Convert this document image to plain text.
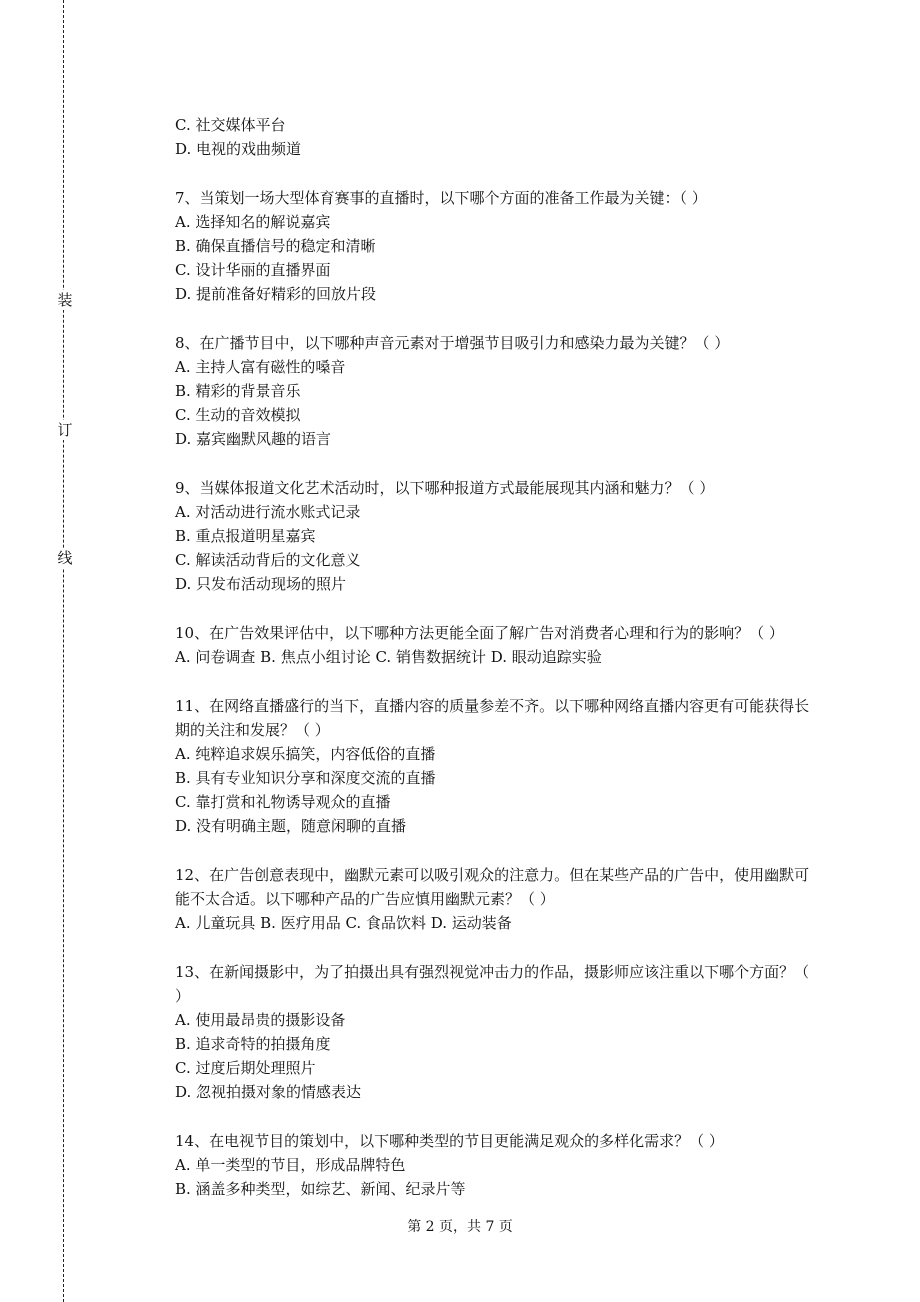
装
订
线
C. 社交媒体平台
D. 电视的戏曲频道
7、当策划一场大型体育赛事的直播时，以下哪个方面的准备工作最为关键：（ ）
A. 选择知名的解说嘉宾
B. 确保直播信号的稳定和清晰
C. 设计华丽的直播界面
D. 提前准备好精彩的回放片段
8、在广播节目中，以下哪种声音元素对于增强节目吸引力和感染力最为关键？（ ）
A. 主持人富有磁性的嗓音
B. 精彩的背景音乐
C. 生动的音效模拟
D. 嘉宾幽默风趣的语言
9、当媒体报道文化艺术活动时，以下哪种报道方式最能展现其内涵和魅力？（ ）
A. 对活动进行流水账式记录
B. 重点报道明星嘉宾
C. 解读活动背后的文化意义
D. 只发布活动现场的照片
10、在广告效果评估中，以下哪种方法更能全面了解广告对消费者心理和行为的影响？（ ）
A. 问卷调查 B. 焦点小组讨论 C. 销售数据统计 D. 眼动追踪实验
11、在网络直播盛行的当下，直播内容的质量参差不齐。以下哪种网络直播内容更有可能获得长期的关注和发展？（ ）
A. 纯粹追求娱乐搞笑，内容低俗的直播
B. 具有专业知识分享和深度交流的直播
C. 靠打赏和礼物诱导观众的直播
D. 没有明确主题，随意闲聊的直播
12、在广告创意表现中，幽默元素可以吸引观众的注意力。但在某些产品的广告中，使用幽默可能不太合适。以下哪种产品的广告应慎用幽默元素？（ ）
A. 儿童玩具 B. 医疗用品 C. 食品饮料 D. 运动装备
13、在新闻摄影中，为了拍摄出具有强烈视觉冲击力的作品，摄影师应该注重以下哪个方面？（ ）
A. 使用最昂贵的摄影设备
B. 追求奇特的拍摄角度
C. 过度后期处理照片
D. 忽视拍摄对象的情感表达
14、在电视节目的策划中，以下哪种类型的节目更能满足观众的多样化需求？（ ）
A. 单一类型的节目，形成品牌特色
B. 涵盖多种类型，如综艺、新闻、纪录片等
第 2 页，共 7 页
